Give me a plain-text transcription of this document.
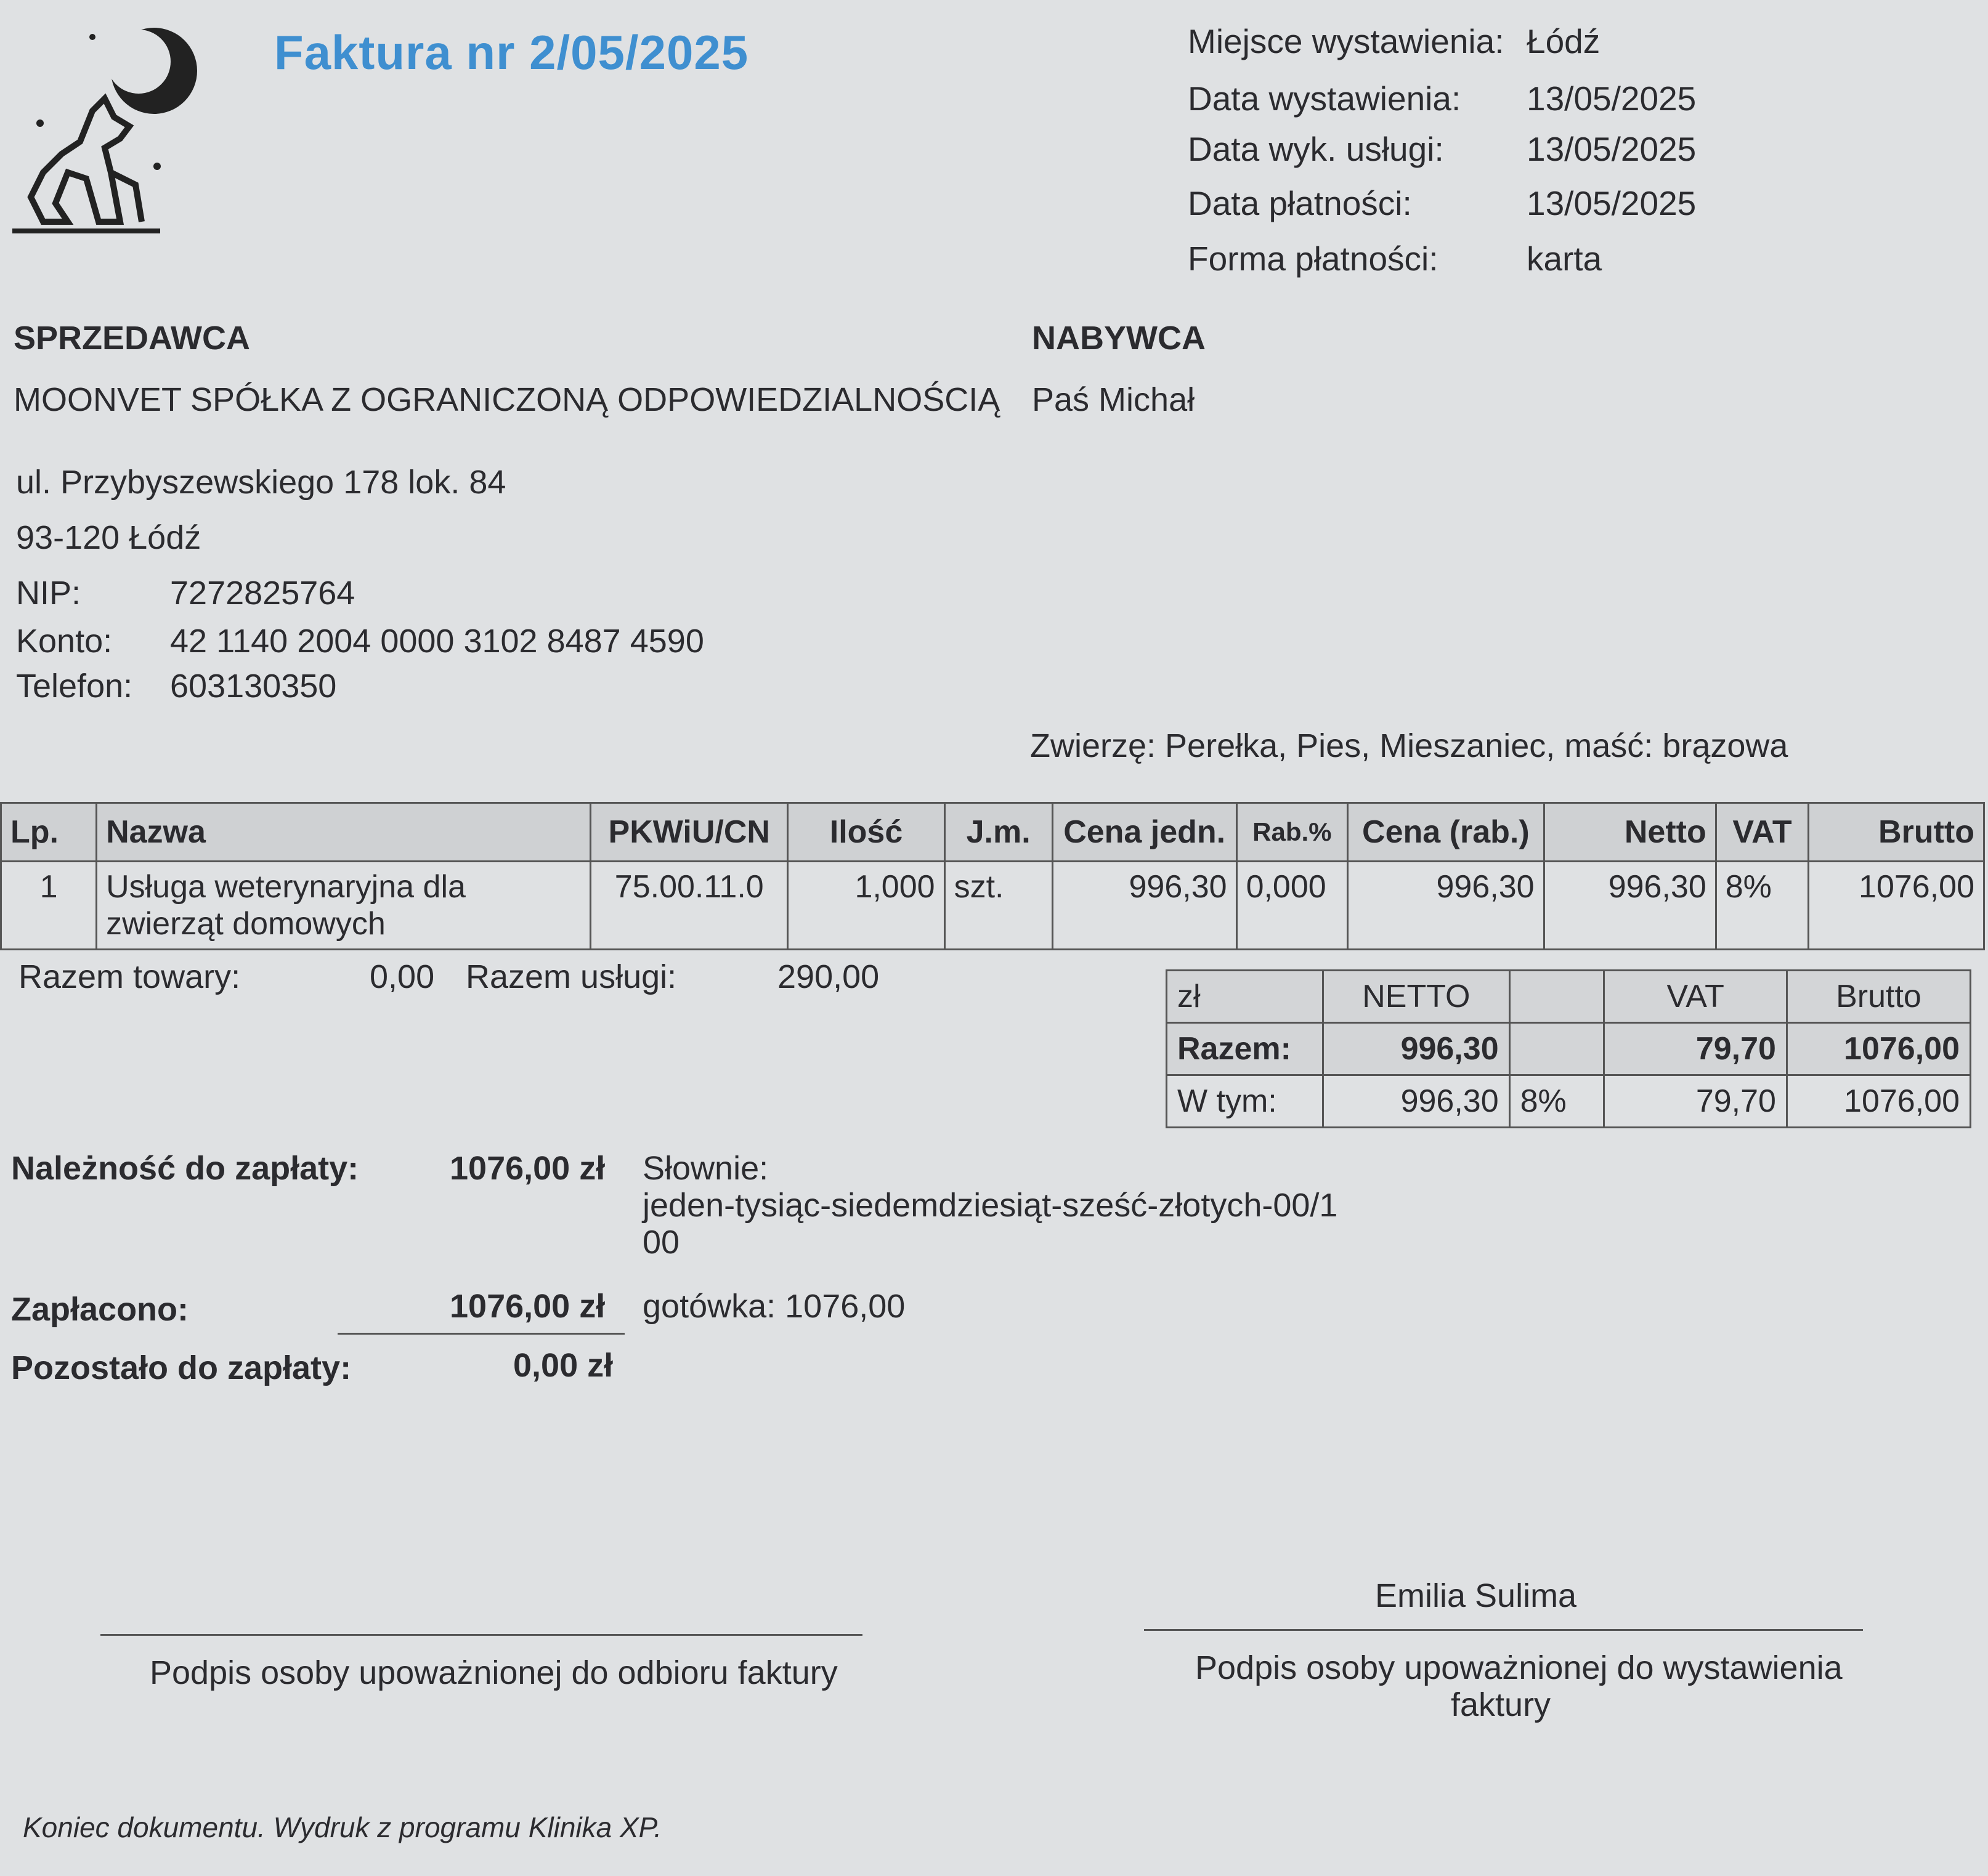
Faktura nr 2/05/2025	Miejsce wystawienia: Łódź
Data wystawienia: 13/05/2025
Data wyk. usługi: 13/05/2025
Data płatności:	13/05/2025
Forma płatności:	karta
SPRZEDAWCA
MOONVET SPÓŁKA Z OGRANICZONĄ ODPOWIEDZIALNOŚCIĄ
ul. Przybyszewskiego 178 lok. 84
93-120 Łódź
NIP:	7272825764
Konto: 42 1140 2004 0000 3102 8487 4590
Telefon: 603130350
NABYWCA
Paś Michał
Zwierzę: Perełka, Pies, Mieszaniec, maść: brązowa
Lp.	Nazwa	PKWiU/CN	Ilość	J.m.	Cena jedn.	Rab.%	Cena (rab.)	Netto	VAT	Brutto
1	Usługa weterynaryjna dla zwierząt domowych	75.00.11.0	1,000	szt.	996,30	0,000	996,30	996,30	8%	1076,00
Razem towary:	0,00 Razem usługi:	290,00
zł	NETTO		VAT	Brutto
Razem:	996,30		79,70	1076,00
W tym:	996,30	8%	79,70	1076,00
Należność do zapłaty:	1076,00 zł Słownie:
jeden-tysiąc-siedemdziesiąt-sześć-złotych-00/1
00
Zapłacono:	1076,00 zł gotówka: 1076,00
Pozostało do zapłaty:	0,00 zł
Emilia Sulima
Podpis osoby upoważnionej do odbioru faktury	Podpis osoby upoważnionej do wystawienia
faktury
Koniec dokumentu. Wydruk z programu Klinika XP.
